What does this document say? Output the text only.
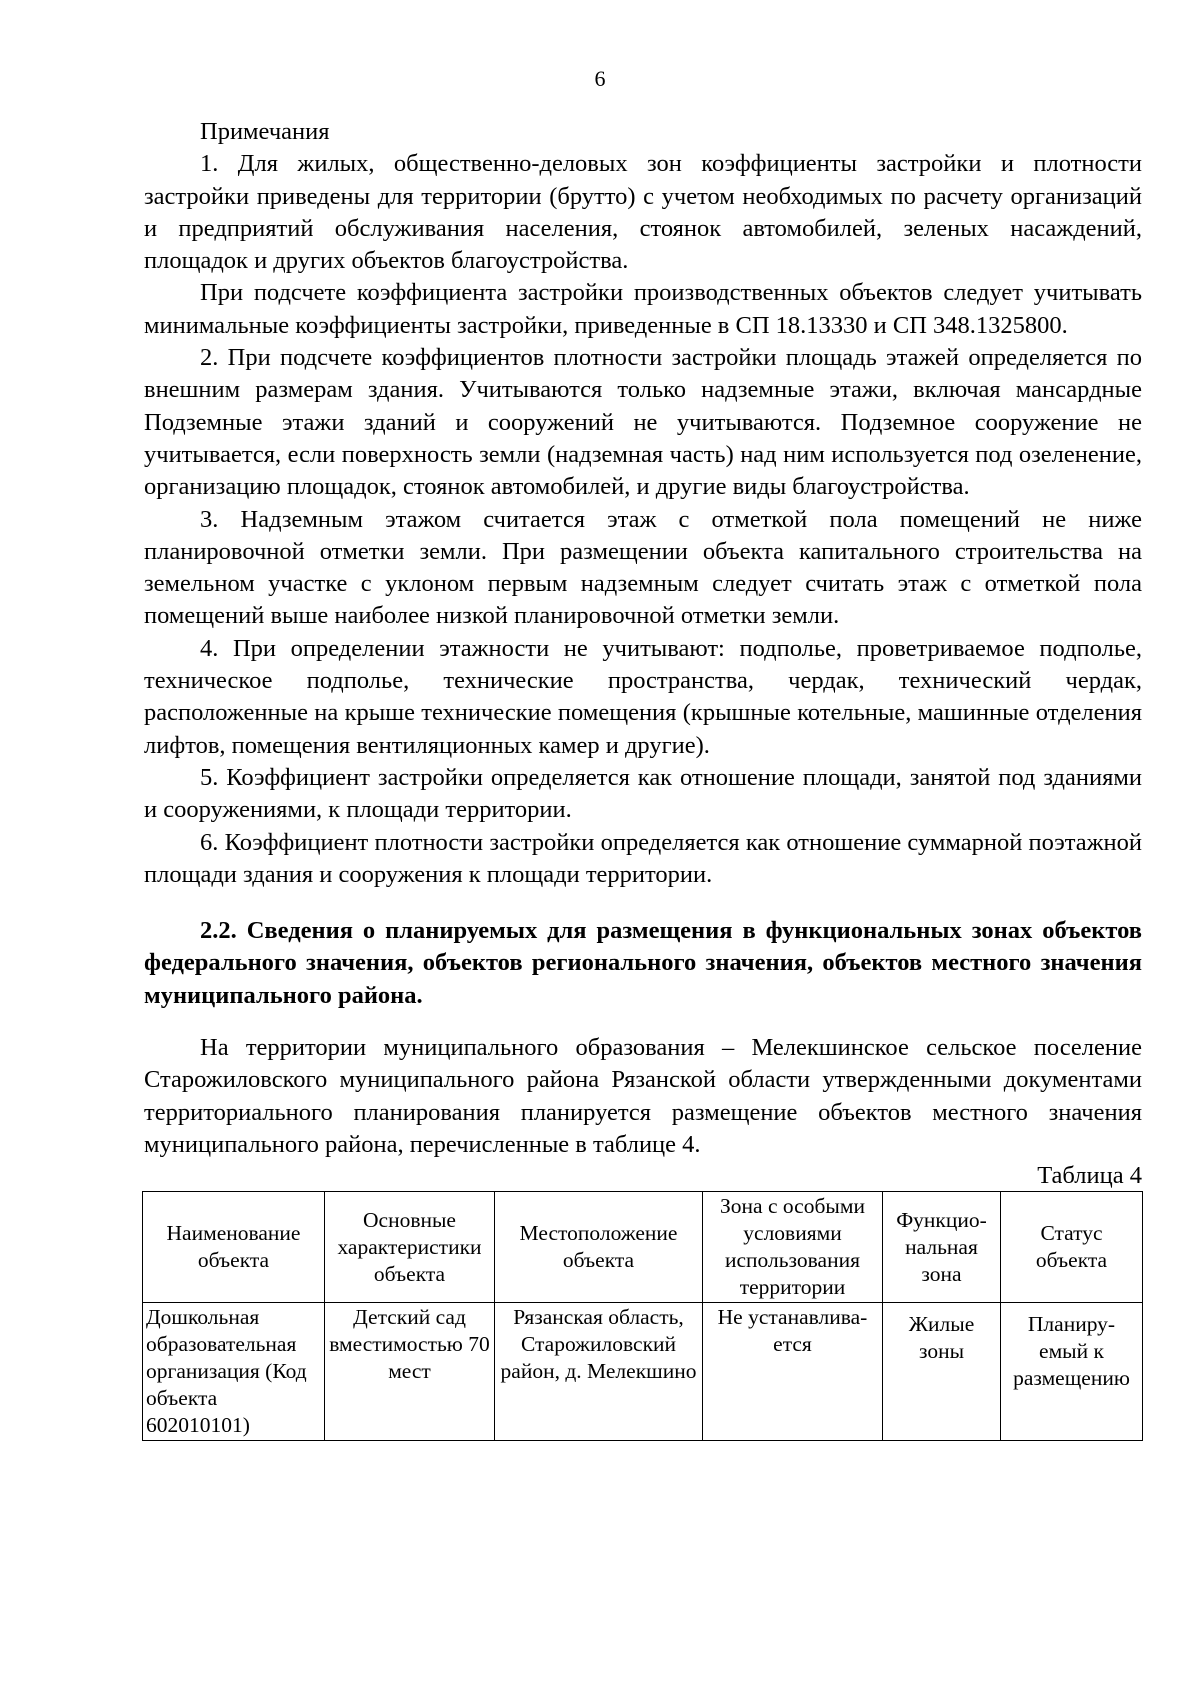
6

Примечания

1. Для жилых, общественно-деловых зон коэффициенты застройки и плотности застройки приведены для территории (брутто) с учетом необходимых по расчету организаций и предприятий обслуживания населения, стоянок автомобилей, зеленых насаждений, площадок и других объектов благоустройства.

При подсчете коэффициента застройки производственных объектов следует учитывать минимальные коэффициенты застройки, приведенные в СП 18.13330 и СП 348.1325800.

2. При подсчете коэффициентов плотности застройки площадь этажей определяется по внешним размерам здания. Учитываются только надземные этажи, включая мансардные Подземные этажи зданий и сооружений не учитываются. Подземное сооружение не учитывается, если поверхность земли (надземная часть) над ним используется под озеленение, организацию площадок, стоянок автомобилей, и другие виды благоустройства.

3. Надземным этажом считается этаж с отметкой пола помещений не ниже планировочной отметки земли. При размещении объекта капитального строительства на земельном участке с уклоном первым надземным следует считать этаж с отметкой пола помещений выше наиболее низкой планировочной отметки земли.

4. При определении этажности не учитывают: подполье, проветриваемое подполье, техническое подполье, технические пространства, чердак, технический чердак, расположенные на крыше технические помещения (крышные котельные, машинные отделения лифтов, помещения вентиляционных камер и другие).

5. Коэффициент застройки определяется как отношение площади, занятой под зданиями и сооружениями, к площади территории.

6. Коэффициент плотности застройки определяется как отношение суммарной поэтажной площади здания и сооружения к площади территории.

2.2. Сведения о планируемых для размещения в функциональных зонах объектов федерального значения, объектов регионального значения, объектов местного значения муниципального района.

На территории муниципального образования – Мелекшинское сельское поселение Старожиловского муниципального района Рязанской области утвержденными документами территориального планирования планируется размещение объектов местного значения муниципального района, перечисленные в таблице 4.

Таблица 4

Наименование объекта	Основные характеристики объекта	Местоположение объекта	Зона с особыми условиями использования территории	Функцио-нальная зона	Статус объекта
Дошкольная образовательная организация (Код объекта 602010101)	Детский сад вместимостью 70 мест	Рязанская область, Старожиловский район, д. Мелекшино	Не устанавлива-ется	Жилые зоны	Планиру-емый к размещению
